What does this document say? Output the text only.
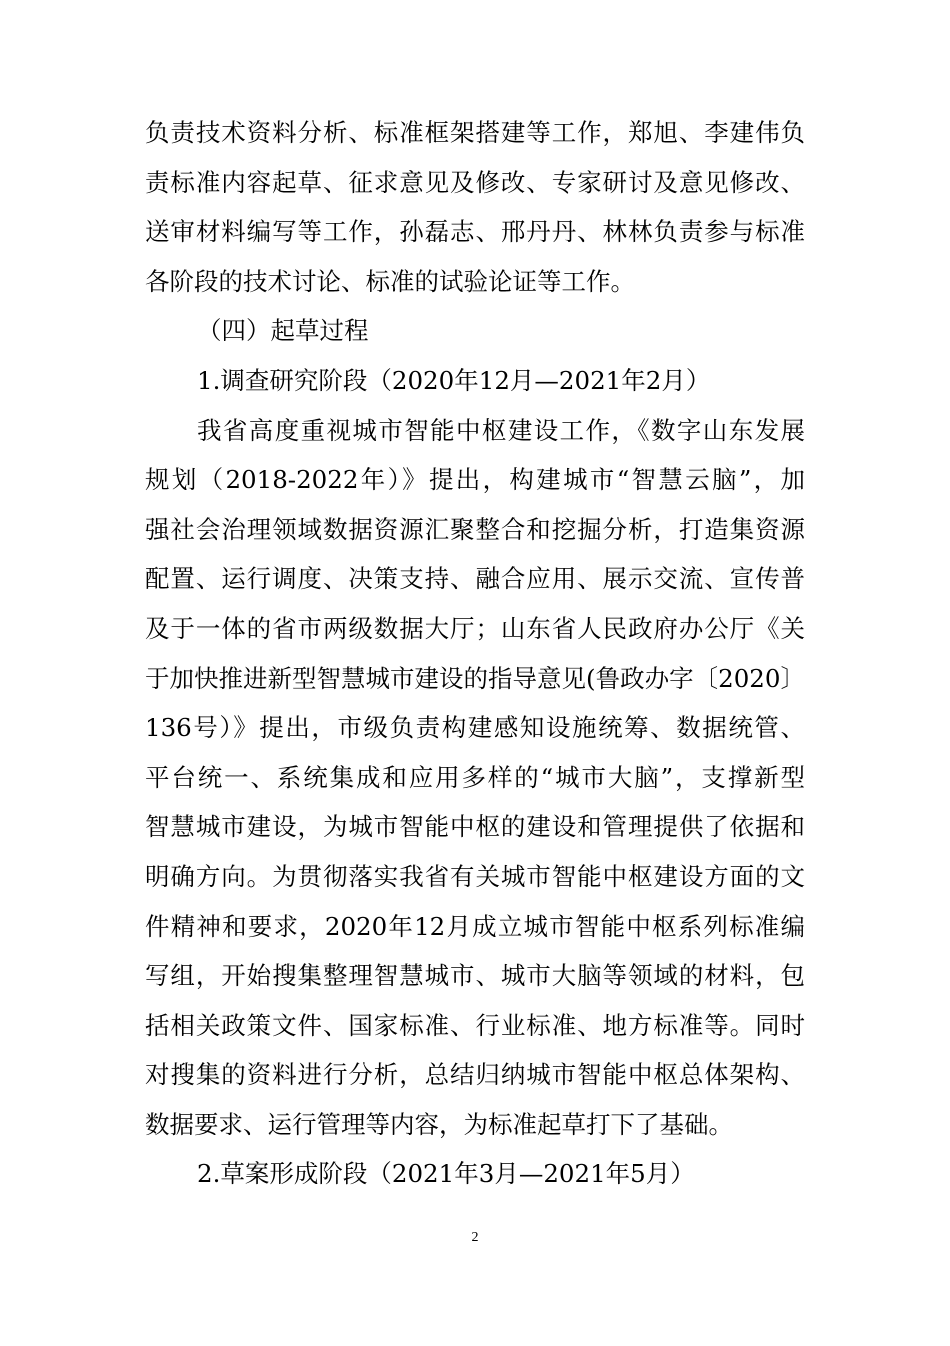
负责技术资料分析、标准框架搭建等工作，郑旭、李建伟负
责标准内容起草、征求意见及修改、专家研讨及意见修改、
送审材料编写等工作，孙磊志、邢丹丹、林林负责参与标准
各阶段的技术讨论、标准的试验论证等工作。
（四）起草过程
1.调查研究阶段（2020年12月—2021年2月）
我省高度重视城市智能中枢建设工作，《数字山东发展
规划（2018-2022年）》提出，构建城市“智慧云脑”，加
强社会治理领域数据资源汇聚整合和挖掘分析，打造集资源
配置、运行调度、决策支持、融合应用、展示交流、宣传普
及于一体的省市两级数据大厅；山东省人民政府办公厅《关
于加快推进新型智慧城市建设的指导意见(鲁政办字〔2020〕
136号）》提出，市级负责构建感知设施统筹、数据统管、
平台统一、系统集成和应用多样的“城市大脑”，支撑新型
智慧城市建设，为城市智能中枢的建设和管理提供了依据和
明确方向。为贯彻落实我省有关城市智能中枢建设方面的文
件精神和要求，2020年12月成立城市智能中枢系列标准编
写组，开始搜集整理智慧城市、城市大脑等领域的材料，包
括相关政策文件、国家标准、行业标准、地方标准等。同时
对搜集的资料进行分析，总结归纳城市智能中枢总体架构、
数据要求、运行管理等内容，为标准起草打下了基础。
2.草案形成阶段（2021年3月—2021年5月）
2
